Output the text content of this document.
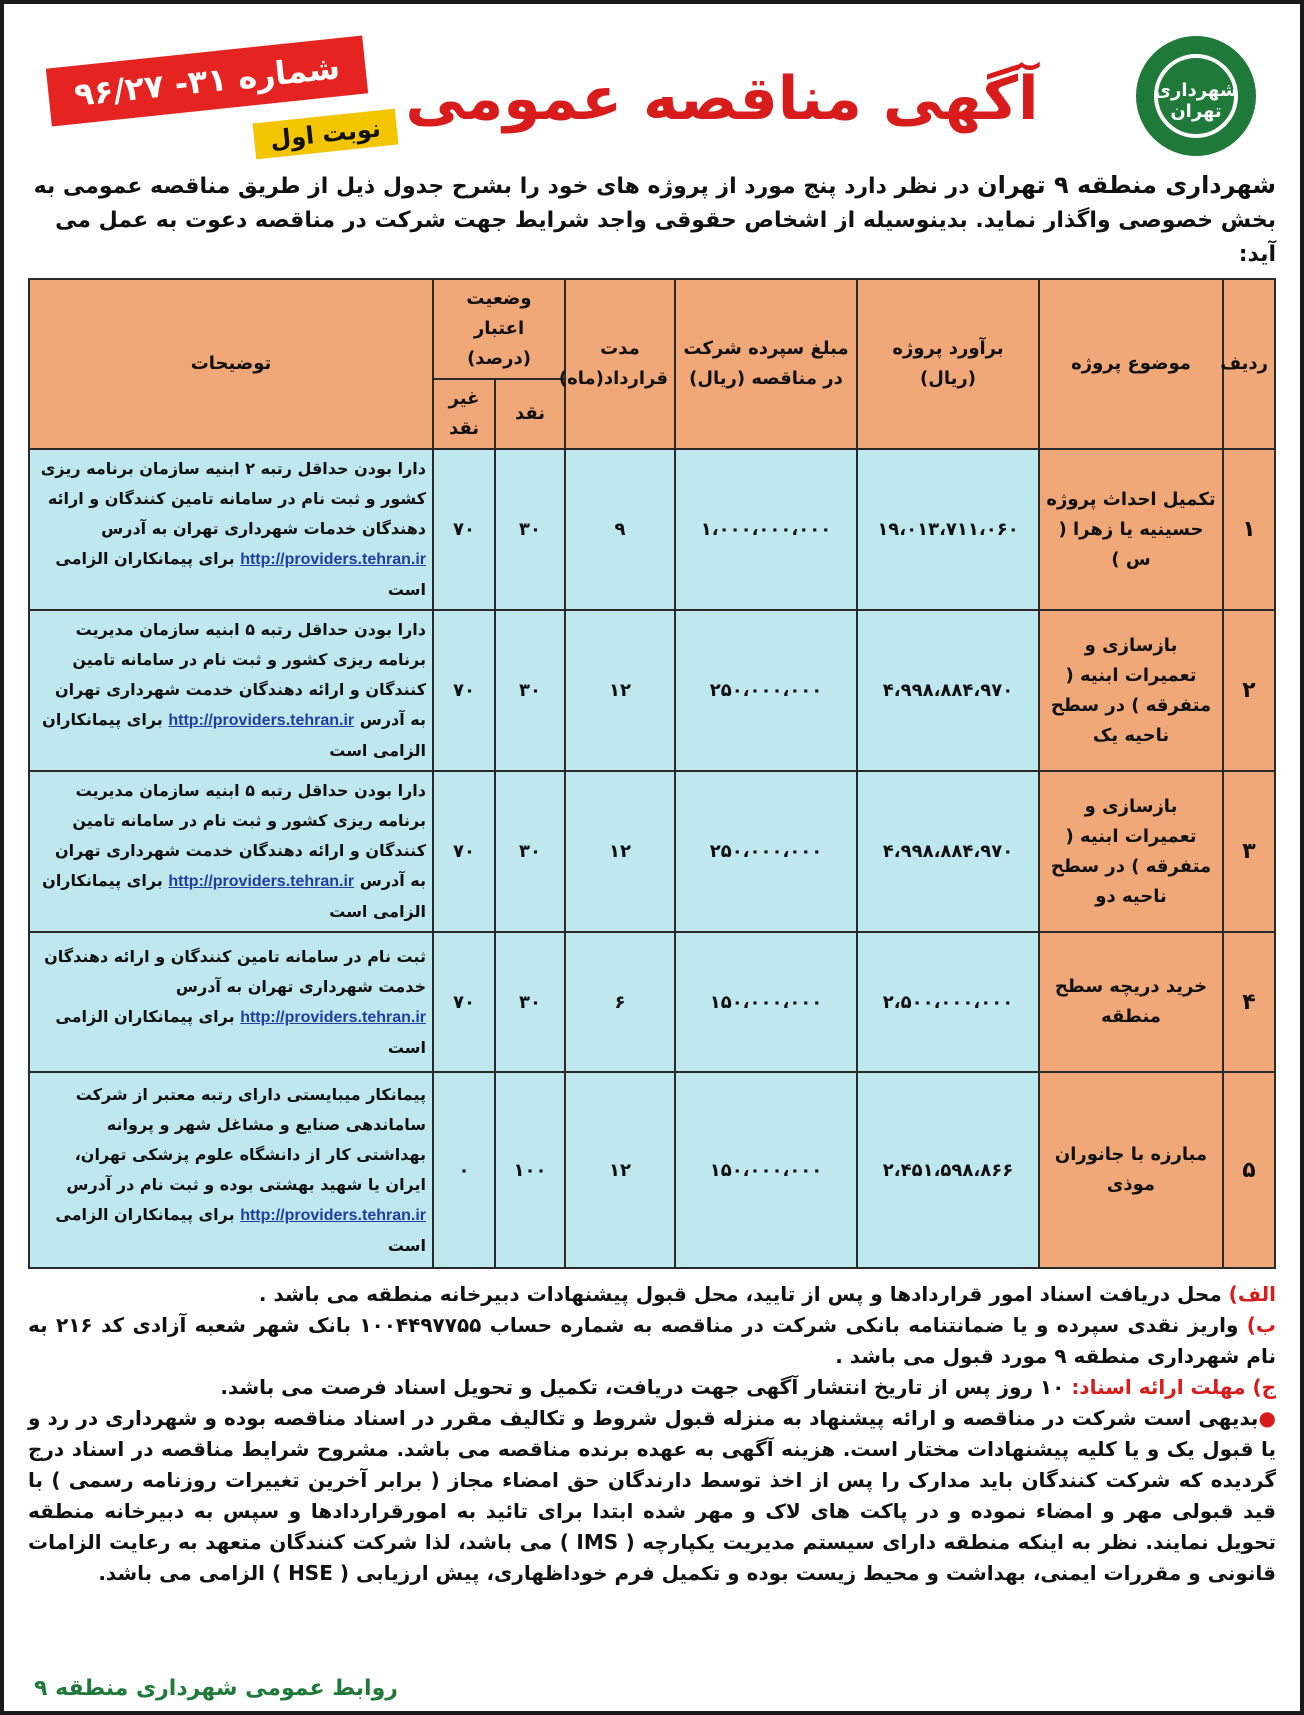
شهرداری تهران
آگهی مناقصه عمومی
شماره ۳۱- ۹۶/۲۷
نوبت اول
شهرداری منطقه ۹ تهران در نظر دارد پنج مورد از پروژه های خود را بشرح جدول ذیل از طریق مناقصه عمومی به بخش خصوصی واگذار نماید. بدینوسیله از اشخاص حقوقی واجد شرایط جهت شرکت در مناقصه دعوت به عمل می آید:
ردیف	موضوع پروژه	برآورد پروژه (ریال)	مبلغ سپرده شرکت در مناقصه (ریال)	مدت قرارداد(ماه)	وضعیت اعتبار (درصد)		توضیحات
					نقد	غیر نقد	
۱	تکمیل احداث پروژه حسینیه یا زهرا ( س )	۱۹،۰۱۳،۷۱۱،۰۶۰	۱،۰۰۰،۰۰۰،۰۰۰	۹	۳۰	۷۰	دارا بودن حداقل رتبه ۲ ابنیه سازمان برنامه ریزی کشور و ثبت نام در سامانه تامین کنندگان و ارائه دهندگان خدمات شهرداری تهران به آدرس http://providers.tehran.ir برای پیمانکاران الزامی است
۲	بازسازی و تعمیرات ابنیه ( متفرقه ) در سطح ناحیه یک	۴،۹۹۸،۸۸۴،۹۷۰	۲۵۰،۰۰۰،۰۰۰	۱۲	۳۰	۷۰	دارا بودن حداقل رتبه ۵ ابنیه سازمان مدیریت برنامه ریزی کشور و ثبت نام در سامانه تامین کنندگان و ارائه دهندگان خدمت شهرداری تهران به آدرس http://providers.tehran.ir برای پیمانکاران الزامی است
۳	بازسازی و تعمیرات ابنیه ( متفرقه ) در سطح ناحیه دو	۴،۹۹۸،۸۸۴،۹۷۰	۲۵۰،۰۰۰،۰۰۰	۱۲	۳۰	۷۰	دارا بودن حداقل رتبه ۵ ابنیه سازمان مدیریت برنامه ریزی کشور و ثبت نام در سامانه تامین کنندگان و ارائه دهندگان خدمت شهرداری تهران به آدرس http://providers.tehran.ir برای پیمانکاران الزامی است
۴	خرید دریچه سطح منطقه	۲،۵۰۰،۰۰۰،۰۰۰	۱۵۰،۰۰۰،۰۰۰	۶	۳۰	۷۰	ثبت نام در سامانه تامین کنندگان و ارائه دهندگان خدمت شهرداری تهران به آدرس http://providers.tehran.ir برای پیمانکاران الزامی است
۵	مبارزه با جانوران موذی	۲،۴۵۱،۵۹۸،۸۶۶	۱۵۰،۰۰۰،۰۰۰	۱۲	۱۰۰	۰	پیمانکار میبایستی دارای رتبه معتبر از شرکت ساماندهی صنایع و مشاغل شهر و پروانه بهداشتی کار از دانشگاه علوم پزشکی تهران، ایران یا شهید بهشتی بوده و ثبت نام در آدرس http://providers.tehran.ir برای پیمانکاران الزامی است

الف) محل دریافت اسناد امور قراردادها و پس از تایید، محل قبول پیشنهادات دبیرخانه منطقه می باشد .

ب) واریز نقدی سپرده و یا ضمانتنامه بانکی شرکت در مناقصه به شماره حساب ۱۰۰۴۴۹۷۷۵۵ بانک شهر شعبه آزادی کد ۲۱۶ به نام شهرداری منطقه ۹ مورد قبول می باشد .

ج) مهلت ارائه اسناد: ۱۰ روز پس از تاریخ انتشار آگهی جهت دریافت، تکمیل و تحویل اسناد فرصت می باشد.

●بدیهی است شرکت در مناقصه و ارائه پیشنهاد به منزله قبول شروط و تکالیف مقرر در اسناد مناقصه بوده و شهرداری در رد و یا قبول یک و یا کلیه پیشنهادات مختار است. هزینه آگهی به عهده برنده مناقصه می باشد. مشروح شرایط مناقصه در اسناد درج گردیده که شرکت کنندگان باید مدارک را پس از اخذ توسط دارندگان حق امضاء مجاز ( برابر آخرین تغییرات روزنامه رسمی ) با قید قبولی مهر و امضاء نموده و در پاکت های لاک و مهر شده ابتدا برای تائید به امورقراردادها و سپس به دبیرخانه منطقه تحویل نمایند. نظر به اینکه منطقه دارای سیستم مدیریت یکپارچه ( IMS ) می باشد، لذا شرکت کنندگان متعهد به رعایت الزامات قانونی و مقررات ایمنی، بهداشت و محیط زیست بوده و تکمیل فرم خوداظهاری، پیش ارزیابی ( HSE ) الزامی می باشد.

روابط عمومی شهرداری منطقه ۹
